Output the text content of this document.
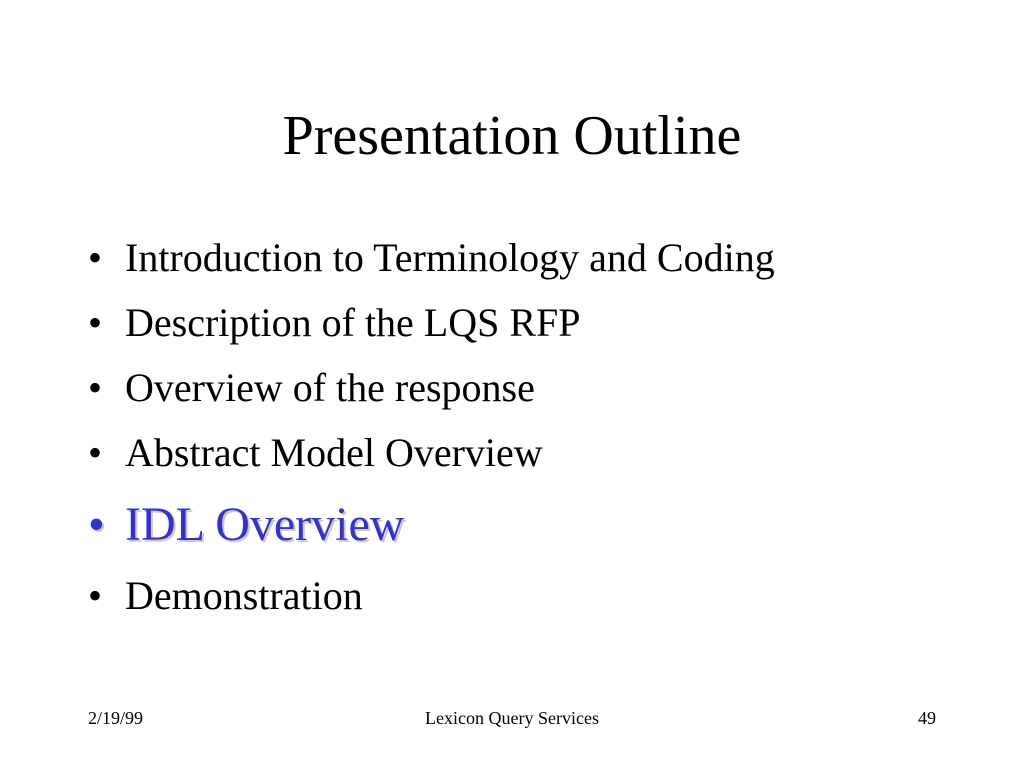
Presentation Outline
• Introduction to Terminology and Coding
• Description of the LQS RFP
• Overview of the response
• Abstract Model Overview
• IDL Overview
• Demonstration
2/19/99	Lexicon Query Services	49
